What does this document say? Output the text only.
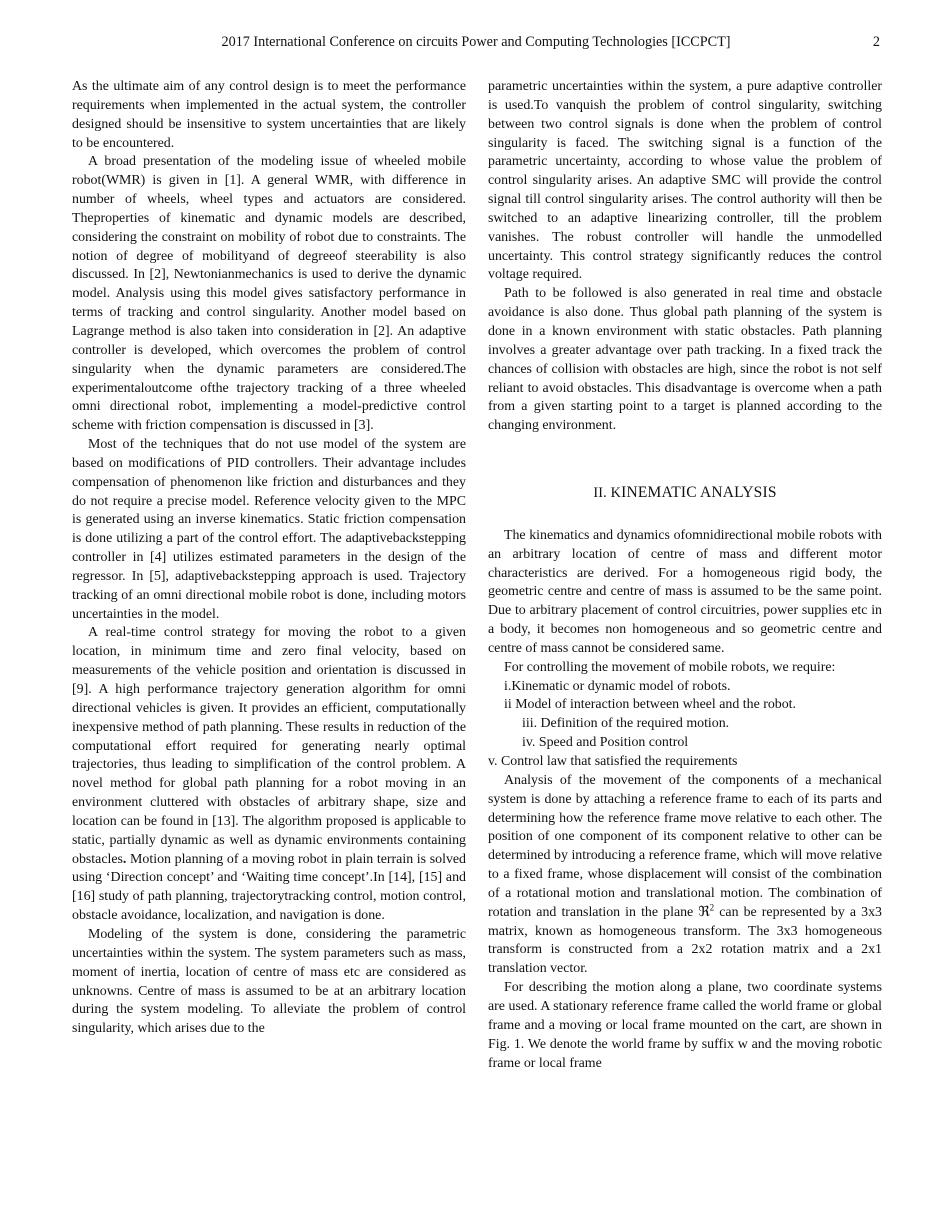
2017 International Conference on circuits Power and Computing Technologies [ICCPCT]	2

As the ultimate aim of any control design is to meet the performance requirements when implemented in the actual system, the controller designed should be insensitive to system uncertainties that are likely to be encountered.

A broad presentation of the modeling issue of wheeled mobile robot(WMR) is given in [1]. A general WMR, with difference in number of wheels, wheel types and actuators are considered. Theproperties of kinematic and dynamic models are described, considering the constraint on mobility of robot due to constraints. The notion of degree of mobilityand of degreeof steerability is also discussed. In [2], Newtonianmechanics is used to derive the dynamic model. Analysis using this model gives satisfactory performance in terms of tracking and control singularity. Another model based on Lagrange method is also taken into consideration in [2]. An adaptive controller is developed, which overcomes the problem of control singularity when the dynamic parameters are considered.The experimentaloutcome ofthe trajectory tracking of a three wheeled omni directional robot, implementing a model-predictive control scheme with friction compensation is discussed in [3].

Most of the techniques that do not use model of the system are based on modifications of PID controllers. Their advantage includes compensation of phenomenon like friction and disturbances and they do not require a precise model. Reference velocity given to the MPC is generated using an inverse kinematics. Static friction compensation is done utilizing a part of the control effort. The adaptivebackstepping controller in [4] utilizes estimated parameters in the design of the regressor. In [5], adaptivebackstepping approach is used. Trajectory tracking of an omni directional mobile robot is done, including motors uncertainties in the model.

A real-time control strategy for moving the robot to a given location, in minimum time and zero final velocity, based on measurements of the vehicle position and orientation is discussed in [9]. A high performance trajectory generation algorithm for omni directional vehicles is given. It provides an efficient, computationally inexpensive method of path planning. These results in reduction of the computational effort required for generating nearly optimal trajectories, thus leading to simplification of the control problem. A novel method for global path planning for a robot moving in an environment cluttered with obstacles of arbitrary shape, size and location can be found in [13]. The algorithm proposed is applicable to static, partially dynamic as well as dynamic environments containing obstacles. Motion planning of a moving robot in plain terrain is solved using ‘Direction concept’ and ‘Waiting time concept’.In [14], [15] and [16] study of path planning, trajectorytracking control, motion control, obstacle avoidance, localization, and navigation is done.

Modeling of the system is done, considering the parametric uncertainties within the system. The system parameters such as mass, moment of inertia, location of centre of mass etc are considered as unknowns. Centre of mass is assumed to be at an arbitrary location during the system modeling. To alleviate the problem of control singularity, which arises due to the

parametric uncertainties within the system, a pure adaptive controller is used.To vanquish the problem of control singularity, switching between two control signals is done when the problem of control singularity is faced. The switching signal is a function of the parametric uncertainty, according to whose value the problem of control singularity arises. An adaptive SMC will provide the control signal till control singularity arises. The control authority will then be switched to an adaptive linearizing controller, till the problem vanishes. The robust controller will handle the unmodelled uncertainty. This control strategy significantly reduces the control voltage required.

Path to be followed is also generated in real time and obstacle avoidance is also done. Thus global path planning of the system is done in a known environment with static obstacles. Path planning involves a greater advantage over path tracking. In a fixed track the chances of collision with obstacles are high, since the robot is not self reliant to avoid obstacles. This disadvantage is overcome when a path from a given starting point to a target is planned according to the changing environment.

II. KINEMATIC ANALYSIS

The kinematics and dynamics ofomnidirectional mobile robots with an arbitrary location of centre of mass and different motor characteristics are derived. For a homogeneous rigid body, the geometric centre and centre of mass is assumed to be the same point. Due to arbitrary placement of control circuitries, power supplies etc in a body, it becomes non homogeneous and so geometric centre and centre of mass cannot be considered same.

For controlling the movement of mobile robots, we require:

i.Kinematic or dynamic model of robots.
ii Model of interaction between wheel and the robot.
iii. Definition of the required motion.
iv. Speed and Position control
v. Control law that satisfied the requirements

Analysis of the movement of the components of a mechanical system is done by attaching a reference frame to each of its parts and determining how the reference frame move relative to each other. The position of one component of its component relative to other can be determined by introducing a reference frame, which will move relative to a fixed frame, whose displacement will consist of the combination of a rotational motion and translational motion. The combination of rotation and translation in the plane ℜ$^2$ can be represented by a 3x3 matrix, known as homogeneous transform. The 3x3 homogeneous transform is constructed from a 2x2 rotation matrix and a 2x1 translation vector.

For describing the motion along a plane, two coordinate systems are used. A stationary reference frame called the world frame or global frame and a moving or local frame mounted on the cart, are shown in Fig. 1. We denote the world frame by suffix w and the moving robotic frame or local frame
